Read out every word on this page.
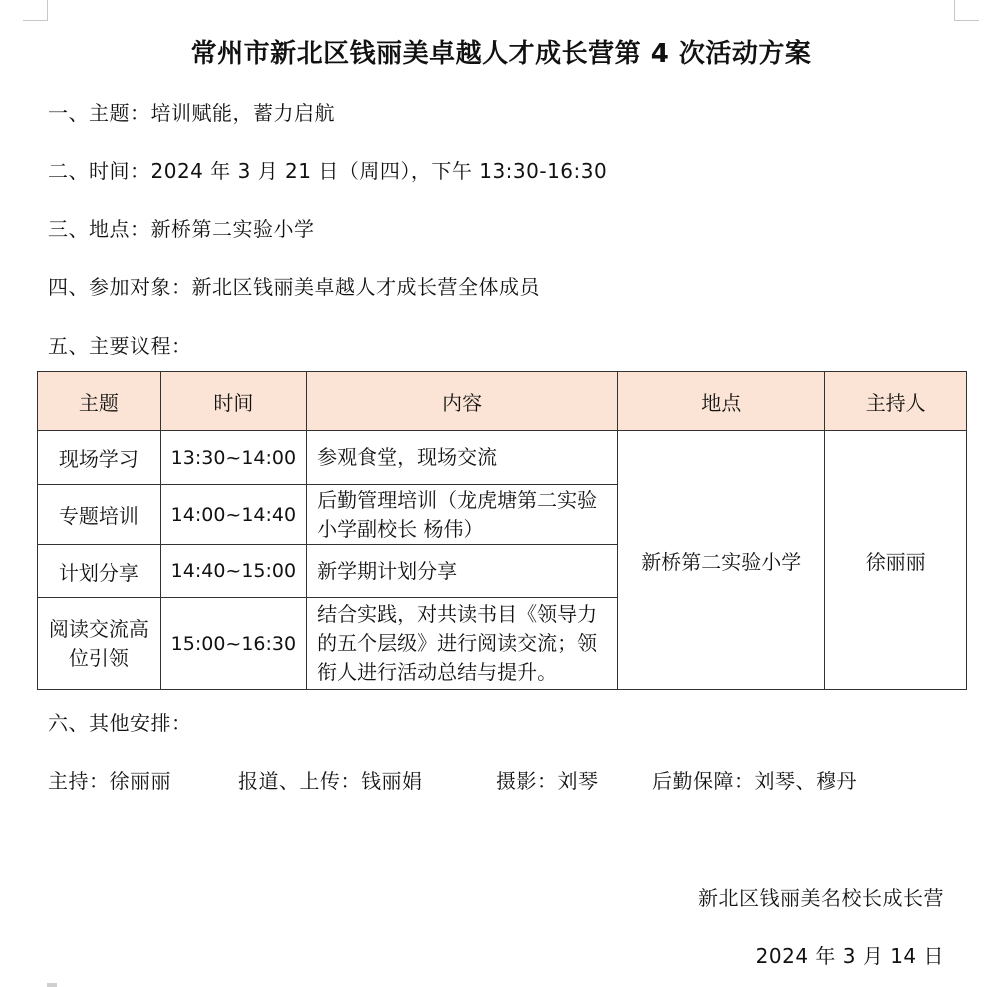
常州市新北区钱丽美卓越人才成长营第 4 次活动方案
一、主题：培训赋能，蓄力启航
二、时间：2024 年 3 月 21 日（周四），下午 13:30-16:30
三、地点：新桥第二实验小学
四、参加对象：新北区钱丽美卓越人才成长营全体成员
五、主要议程：
主题	时间	内容	地点	主持人
现场学习	13:30~14:00	参观食堂，现场交流	新桥第二实验小学	徐丽丽
专题培训	14:00~14:40	后勤管理培训（龙虎塘第二实验小学副校长 杨伟）		
计划分享	14:40~15:00	新学期计划分享		
阅读交流高位引领	15:00~16:30	结合实践，对共读书目《领导力的五个层级》进行阅读交流；领衔人进行活动总结与提升。		
六、其他安排：
主持：徐丽丽	报道、上传：钱丽娟	摄影：刘琴	后勤保障：刘琴、穆丹
新北区钱丽美名校长成长营
2024 年 3 月 14 日
